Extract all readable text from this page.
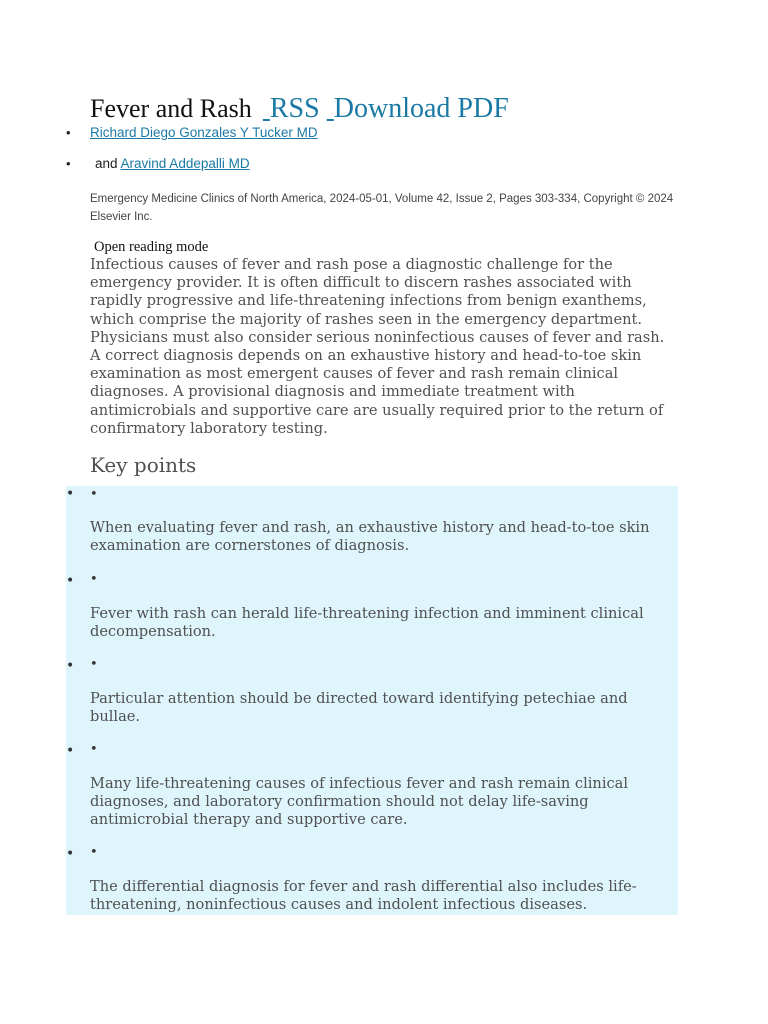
Fever and Rash RSS Download PDF
• Richard Diego Gonzales Y Tucker MD
•	and Aravind Addepalli MD
Emergency Medicine Clinics of North America, 2024-05-01, Volume 42, Issue 2, Pages 303-334, Copyright © 2024 Elsevier Inc.
Open reading mode

Infectious causes of fever and rash pose a diagnostic challenge for the emergency provider. It is often difficult to discern rashes associated with rapidly progressive and life-threatening infections from benign exanthems, which comprise the majority of rashes seen in the emergency department. Physicians must also consider serious noninfectious causes of fever and rash. A correct diagnosis depends on an exhaustive history and head-to-toe skin examination as most emergent causes of fever and rash remain clinical diagnoses. A provisional diagnosis and immediate treatment with antimicrobials and supportive care are usually required prior to the return of confirmatory laboratory testing.

Key points
• •
When evaluating fever and rash, an exhaustive history and head-to-toe skin examination are cornerstones of diagnosis.
• •
Fever with rash can herald life-threatening infection and imminent clinical decompensation.
• •
Particular attention should be directed toward identifying petechiae and bullae.
• •
Many life-threatening causes of infectious fever and rash remain clinical diagnoses, and laboratory confirmation should not delay life-saving antimicrobial therapy and supportive care.
• •
The differential diagnosis for fever and rash differential also includes life-threatening, noninfectious causes and indolent infectious diseases.
